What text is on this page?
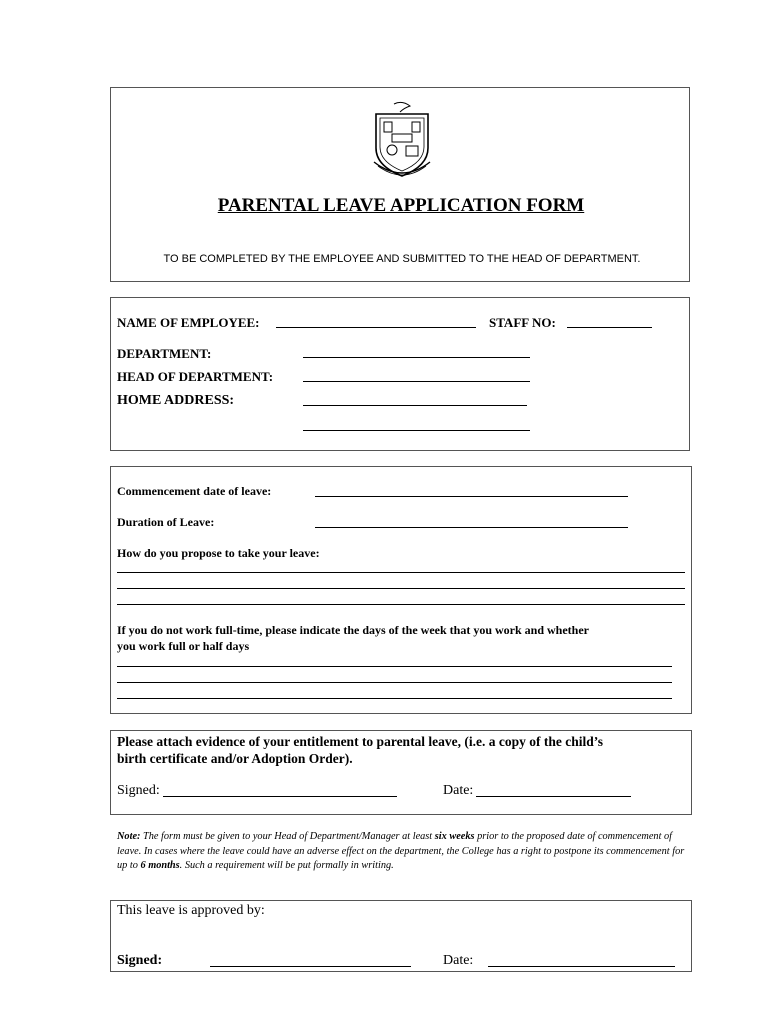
PARENTAL LEAVE APPLICATION FORM
TO BE COMPLETED BY THE EMPLOYEE AND SUBMITTED TO THE HEAD OF DEPARTMENT.
NAME OF EMPLOYEE:	STAFF NO:
DEPARTMENT:
HEAD OF DEPARTMENT:
HOME ADDRESS:
Commencement date of leave:
Duration of Leave:
How do you propose to take your leave:
If you do not work full-time, please indicate the days of the week that you work and whether
you work full or half days
Please attach evidence of your entitlement to parental leave, (i.e. a copy of the child’s
birth certificate and/or Adoption Order).
Signed:	Date:
Note: The form must be given to your Head of Department/Manager at least six weeks prior to the proposed date of commencement of leave. In cases where the leave could have an adverse effect on the department, the College has a right to postpone its commencement for up to 6 months. Such a requirement will be put formally in writing.
This leave is approved by:
Signed:	Date:
